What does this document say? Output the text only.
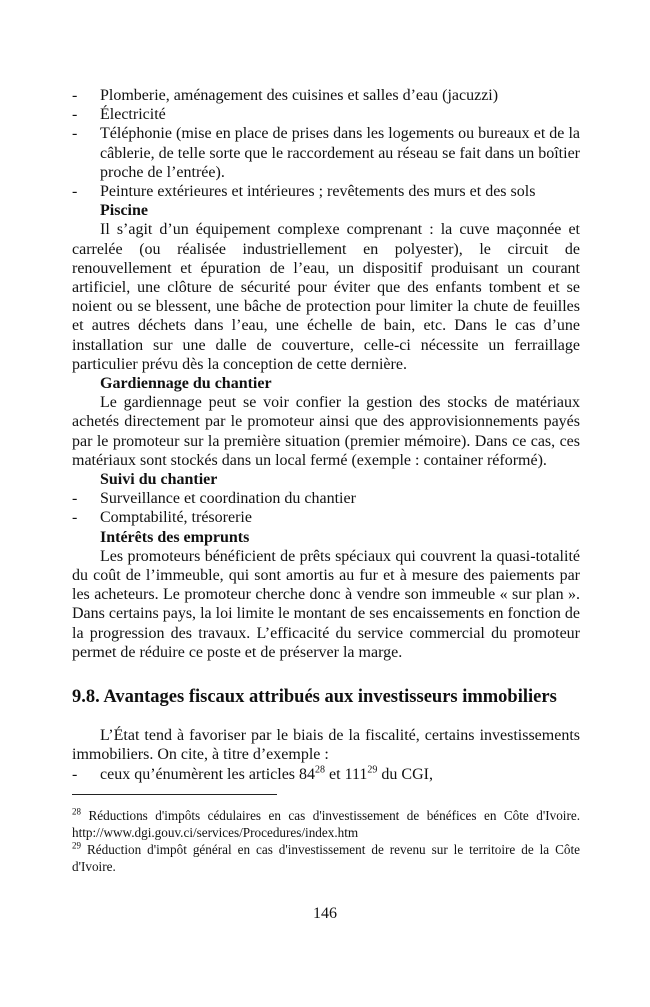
- Plomberie, aménagement des cuisines et salles d’eau (jacuzzi)
- Électricité
- Téléphonie (mise en place de prises dans les logements ou bureaux et de la câblerie, de telle sorte que le raccordement au réseau se fait dans un boîtier proche de l’entrée).
- Peinture extérieures et intérieures ; revêtements des murs et des sols
Piscine
Il s’agit d’un équipement complexe comprenant : la cuve maçonnée et carrelée (ou réalisée industriellement en polyester), le circuit de renouvellement et épuration de l’eau, un dispositif produisant un courant artificiel, une clôture de sécurité pour éviter que des enfants tombent et se noient ou se blessent, une bâche de protection pour limiter la chute de feuilles et autres déchets dans l’eau, une échelle de bain, etc. Dans le cas d’une installation sur une dalle de couverture, celle-ci nécessite un ferraillage particulier prévu dès la conception de cette dernière.
Gardiennage du chantier
Le gardiennage peut se voir confier la gestion des stocks de matériaux achetés directement par le promoteur ainsi que des approvisionnements payés par le promoteur sur la première situation (premier mémoire). Dans ce cas, ces matériaux sont stockés dans un local fermé (exemple : container réformé).
Suivi du chantier
- Surveillance et coordination du chantier
- Comptabilité, trésorerie
Intérêts des emprunts
Les promoteurs bénéficient de prêts spéciaux qui couvrent la quasi-totalité du coût de l’immeuble, qui sont amortis au fur et à mesure des paiements par les acheteurs. Le promoteur cherche donc à vendre son immeuble « sur plan ». Dans certains pays, la loi limite le montant de ses encaissements en fonction de la progression des travaux. L’efficacité du service commercial du promoteur permet de réduire ce poste et de préserver la marge.
9.8. Avantages fiscaux attribués aux investisseurs immobiliers
L’État tend à favoriser par le biais de la fiscalité, certains investissements immobiliers. On cite, à titre d’exemple :
- ceux qu’énumèrent les articles $84^{28}$ et $111^{29}$ du CGI,
$^{28}$ Réductions d'impôts cédulaires en cas d'investissement de bénéfices en Côte d'Ivoire. http://www.dgi.gouv.ci/services/Procedures/index.htm
$^{29}$ Réduction d'impôt général en cas d'investissement de revenu sur le territoire de la Côte d'Ivoire.
146
